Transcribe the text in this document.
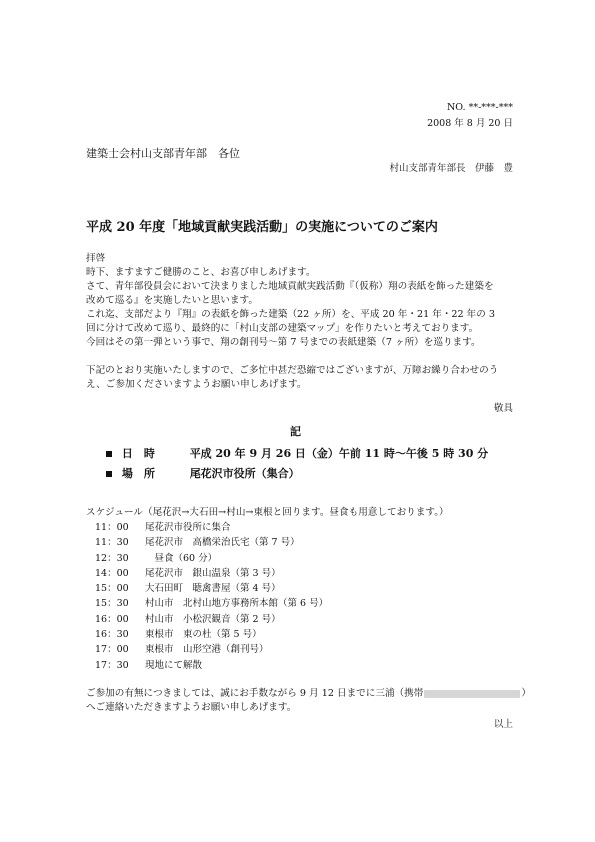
NO. **-***-***
2008 年 8 月 20 日
建築士会村山支部青年部　各位
村山支部青年部長　伊藤　豊
平成 20 年度「地域貢献実践活動」の実施についてのご案内
拝啓
時下、ますますご健勝のこと、お喜び申しあげます。
さて、青年部役員会において決まりました地域貢献実践活動『（仮称）翔の表紙を飾った建築を
改めて巡る』を実施したいと思います。
これ迄、支部だより『翔』の表紙を飾った建築（22 ヶ所）を、平成 20 年・21 年・22 年の 3
回に分けて改めて巡り、最終的に「村山支部の建築マップ」を作りたいと考えております。
今回はその第一弾という事で、翔の創刊号～第 7 号までの表紙建築（7 ヶ所）を巡ります。
下記のとおり実施いたしますので、ご多忙中甚だ恐縮ではございますが、万障お繰り合わせのう
え、ご参加くださいますようお願い申しあげます。
敬具
記
日　時	平成 20 年 9 月 26 日（金）午前 11 時～午後 5 時 30 分
場　所	尾花沢市役所（集合）
スケジュール（尾花沢→大石田→村山→東根と回ります。昼食も用意しております。）
11：00 尾花沢市役所に集合
11：30 尾花沢市　高橋栄治氏宅（第 7 号）
12：30　昼食（60 分）
14：00 尾花沢市　銀山温泉（第 3 号）
15：00 大石田町　聴禽書屋（第 4 号）
15：30 村山市　北村山地方事務所本館（第 6 号）
16：00 村山市　小松沢観音（第 2 号）
16：30 東根市　東の杜（第 5 号）
17：00 東根市　山形空港（創刊号）
17：30 現地にて解散
ご参加の有無につきましては、誠にお手数ながら 9 月 12 日までに三浦（携帯	）
へご連絡いただきますようお願い申しあげます。
以上
